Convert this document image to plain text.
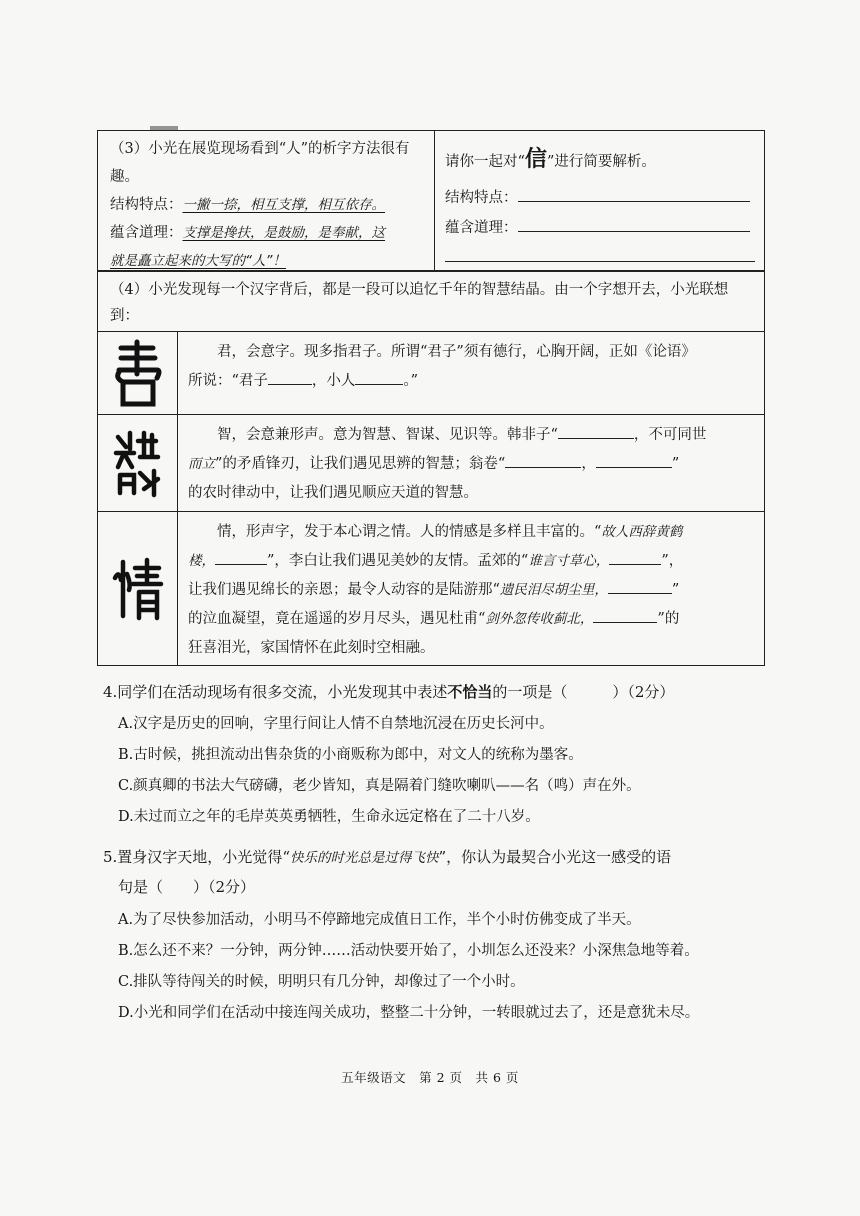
（3）小光在展览现场看到“人”的析字方法很有趣。
结构特点：一撇一捺，相互支撑，相互依存。
蕴含道理：支撑是搀扶，是鼓励，是奉献，这
就是矗立起来的大写的“人”！
请你一起对“信”进行简要解析。
结构特点：
蕴含道理：
（4）小光发现每一个汉字背后，都是一段可以追忆千年的智慧结晶。由一个字想开去，小光联想到：
君，会意字。现多指君子。所谓“君子”须有德行，心胸开阔，正如《论语》
所说：“君子	，小人	。”
智，会意兼形声。意为智慧、智谋、见识等。韩非子“	，不可同世
而立”的矛盾锋刃，让我们遇见思辨的智慧；翁卷“	，	”
的农时律动中，让我们遇见顺应天道的智慧。
情，形声字，发于本心谓之情。人的情感是多样且丰富的。“故人西辞黄鹤
楼，	”，李白让我们遇见美妙的友情。孟郊的“谁言寸草心，	”，
让我们遇见绵长的亲恩；最令人动容的是陆游那“遗民泪尽胡尘里，	”
的泣血凝望，竟在遥遥的岁月尽头，遇见杜甫“剑外忽传收蓟北，	”的
狂喜泪光，家国情怀在此刻时空相融。
4.同学们在活动现场有很多交流，小光发现其中表述不恰当的一项是（　　　）（2分）
A.汉字是历史的回响，字里行间让人情不自禁地沉浸在历史长河中。
B.古时候，挑担流动出售杂货的小商贩称为郎中，对文人的统称为墨客。
C.颜真卿的书法大气磅礴，老少皆知，真是隔着门缝吹喇叭——名（鸣）声在外。
D.未过而立之年的毛岸英英勇牺牲，生命永远定格在了二十八岁。
5.置身汉字天地，小光觉得“快乐的时光总是过得飞快”，你认为最契合小光这一感受的语
句是（　　）（2分）
A.为了尽快参加活动，小明马不停蹄地完成值日工作，半个小时仿佛变成了半天。
B.怎么还不来？一分钟，两分钟……活动快要开始了，小圳怎么还没来？小深焦急地等着。
C.排队等待闯关的时候，明明只有几分钟，却像过了一个小时。
D.小光和同学们在活动中接连闯关成功，整整二十分钟，一转眼就过去了，还是意犹未尽。
五年级语文　第 2 页　共 6 页
